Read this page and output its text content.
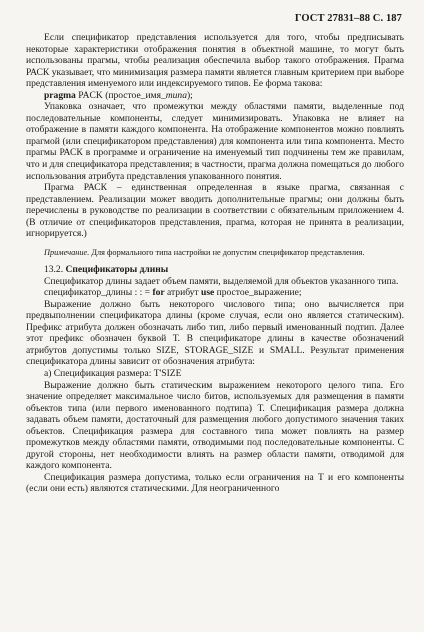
ГОСТ 27831–88 С. 187

Если спецификатор представления используется для того, чтобы предписывать некоторые характеристики отображения понятия в объектной машине, то могут быть использованы прагмы, чтобы реализация обеспечила выбор такого отображения. Прагма РАСК указывает, что минимизация размера памяти является главным критерием при выборе представления именуемого или индексируемого типов. Ее форма такова:

pragma PACK (простое_имя_типа);

Упаковка означает, что промежутки между областями памяти, выделенные под последовательные компоненты, следует минимизировать. Упаковка не влияет на отображение в памяти каждого компонента. На отображение компонентов можно повлиять прагмой (или спецификатором представления) для компонента или типа компонента. Место прагмы РАСК в программе и ограничение на именуемый тип подчинены тем же правилам, что и для спецификатора представления; в частности, прагма должна помещаться до любого использования атрибута представления упакованного понятия.

Прагма РАСК – единственная определенная в языке прагма, связанная с представлением. Реализации может вводить дополнительные прагмы; они должны быть перечислены в руководстве по реализации в соответствии с обязательным приложением 4. (В отличие от спецификаторов представления, прагма, которая не принята в реализации, игнорируется.)

Примечание. Для формального типа настройки не допустим спецификатор представления.

13.2. Спецификаторы длины

Спецификатор длины задает объем памяти, выделяемой для объектов указанного типа.

спецификатор_длины : : = for атрибут use простое_выражение;

Выражение должно быть некоторого числового типа; оно вычисляется при предвыполнении спецификатора длины (кроме случая, если оно является статическим). Префикс атрибута должен обозначать либо тип, либо первый именованный подтип. Далее этот префикс обозначен буквой Т. В спецификаторе длины в качестве обозначений атрибутов допустимы только SIZE, STORAGE_SIZE и SMALL. Результат применения спецификатора длины зависит от обозначения атрибута:

а) Спецификация размера: T'SIZE

Выражение должно быть статическим выражением некоторого целого типа. Его значение определяет максимальное число битов, используемых для размещения в памяти объектов типа (или первого именованного подтипа) Т. Спецификация размера должна задавать объем памяти, достаточный для размещения любого допустимого значения таких объектов. Спецификация размера для составного типа может повлиять на размер промежутков между областями памяти, отводимыми под последовательные компоненты. С другой стороны, нет необходимости влиять на размер области памяти, отводимой для каждого компонента.

Спецификация размера допустима, только если ограничения на Т и его компоненты (если они есть) являются статическими. Для неограниченного
